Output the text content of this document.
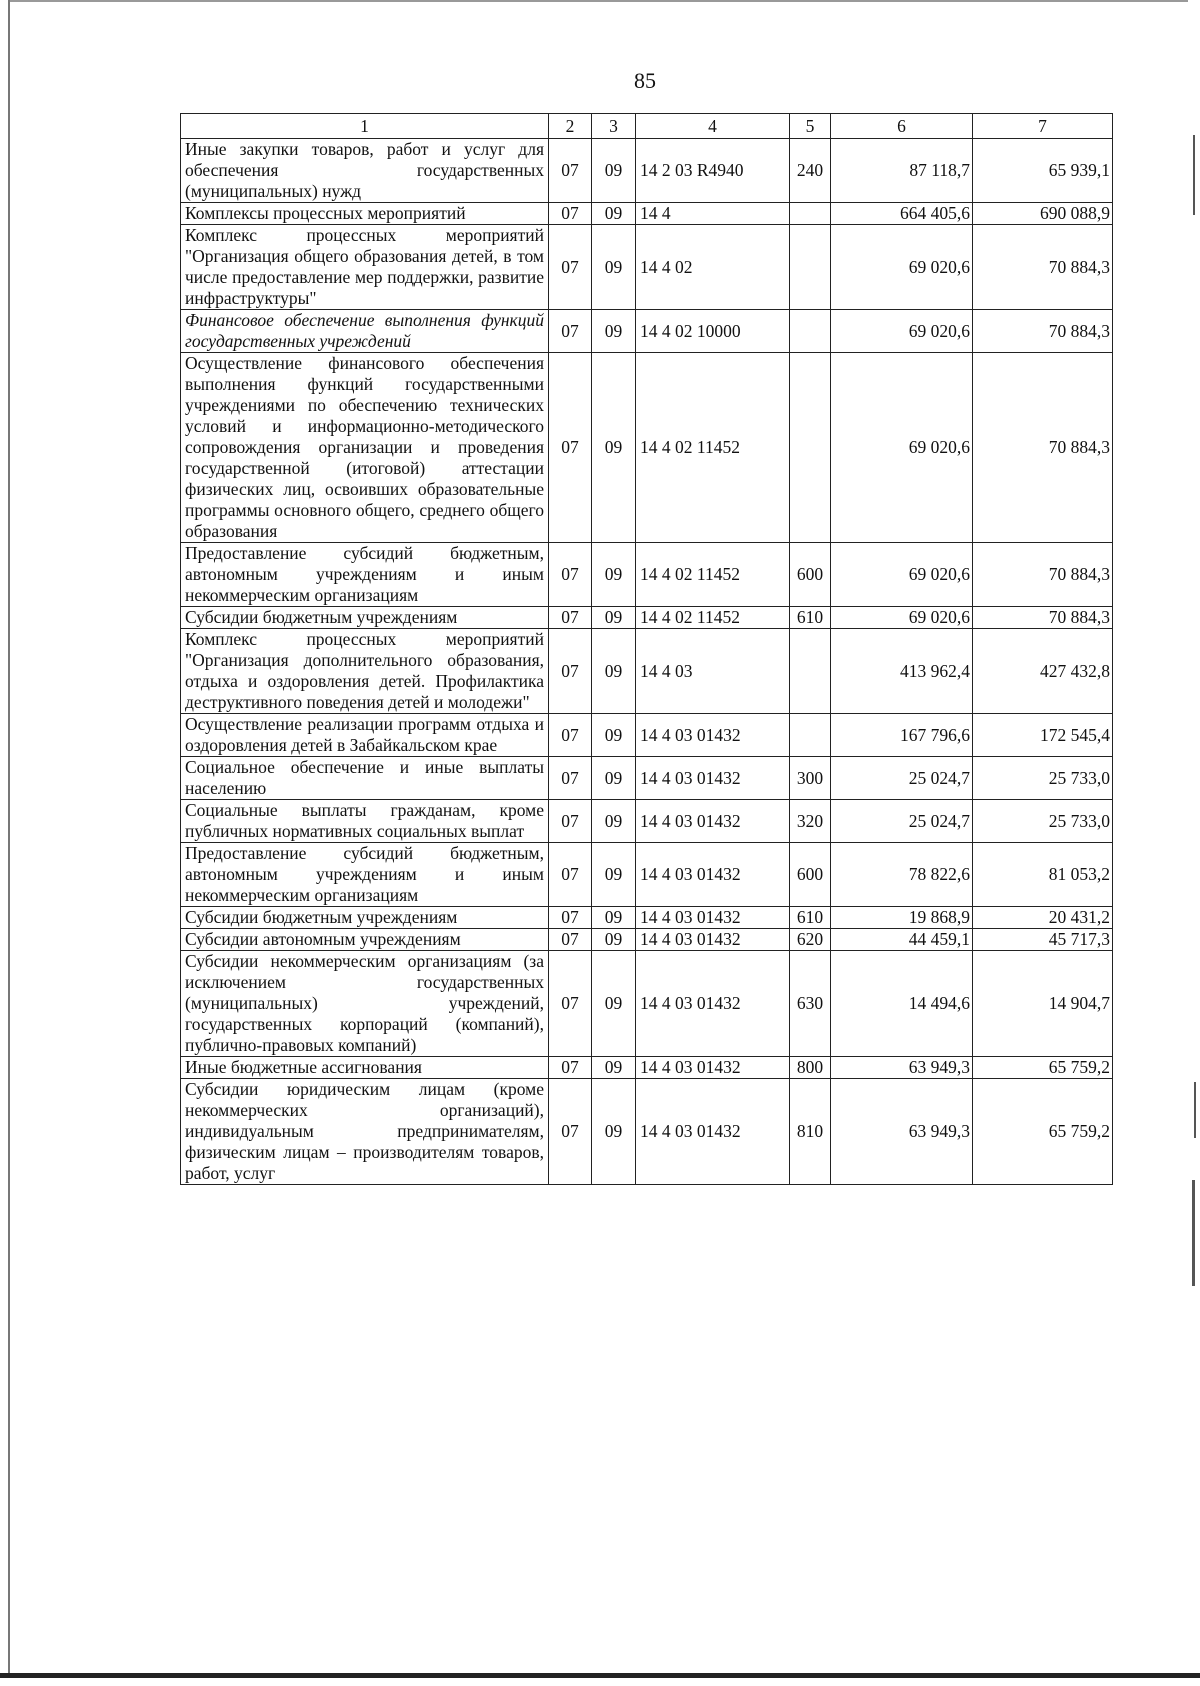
85
1	2	3	4	5	6	7
Иные закупки товаров, работ и услуг для обеспечения государственных (муниципальных) нужд	07	09	14 2 03 R4940	240	87 118,7	65 939,1
Комплексы процессных мероприятий	07	09	14 4		664 405,6	690 088,9
Комплекс процессных мероприятий "Организация общего образования детей, в том числе предоставление мер поддержки, развитие инфраструктуры"	07	09	14 4 02		69 020,6	70 884,3
Финансовое обеспечение выполнения функций государственных учреждений	07	09	14 4 02 10000		69 020,6	70 884,3
Осуществление финансового обеспечения выполнения функций государственными учреждениями по обеспечению технических условий и информационно-методического сопровождения организации и проведения государственной (итоговой) аттестации физических лиц, освоивших образовательные программы основного общего, среднего общего образования	07	09	14 4 02 11452		69 020,6	70 884,3
Предоставление субсидий бюджетным, автономным учреждениям и иным некоммерческим организациям	07	09	14 4 02 11452	600	69 020,6	70 884,3
Субсидии бюджетным учреждениям	07	09	14 4 02 11452	610	69 020,6	70 884,3
Комплекс процессных мероприятий "Организация дополнительного образования, отдыха и оздоровления детей. Профилактика деструктивного поведения детей и молодежи"	07	09	14 4 03		413 962,4	427 432,8
Осуществление реализации программ отдыха и оздоровления детей в Забайкальском крае	07	09	14 4 03 01432		167 796,6	172 545,4
Социальное обеспечение и иные выплаты населению	07	09	14 4 03 01432	300	25 024,7	25 733,0
Социальные выплаты гражданам, кроме публичных нормативных социальных выплат	07	09	14 4 03 01432	320	25 024,7	25 733,0
Предоставление субсидий бюджетным, автономным учреждениям и иным некоммерческим организациям	07	09	14 4 03 01432	600	78 822,6	81 053,2
Субсидии бюджетным учреждениям	07	09	14 4 03 01432	610	19 868,9	20 431,2
Субсидии автономным учреждениям	07	09	14 4 03 01432	620	44 459,1	45 717,3
Субсидии некоммерческим организациям (за исключением государственных (муниципальных) учреждений, государственных корпораций (компаний), публично-правовых компаний)	07	09	14 4 03 01432	630	14 494,6	14 904,7
Иные бюджетные ассигнования	07	09	14 4 03 01432	800	63 949,3	65 759,2
Субсидии юридическим лицам (кроме некоммерческих организаций), индивидуальным предпринимателям, физическим лицам – производителям товаров, работ, услуг	07	09	14 4 03 01432	810	63 949,3	65 759,2
